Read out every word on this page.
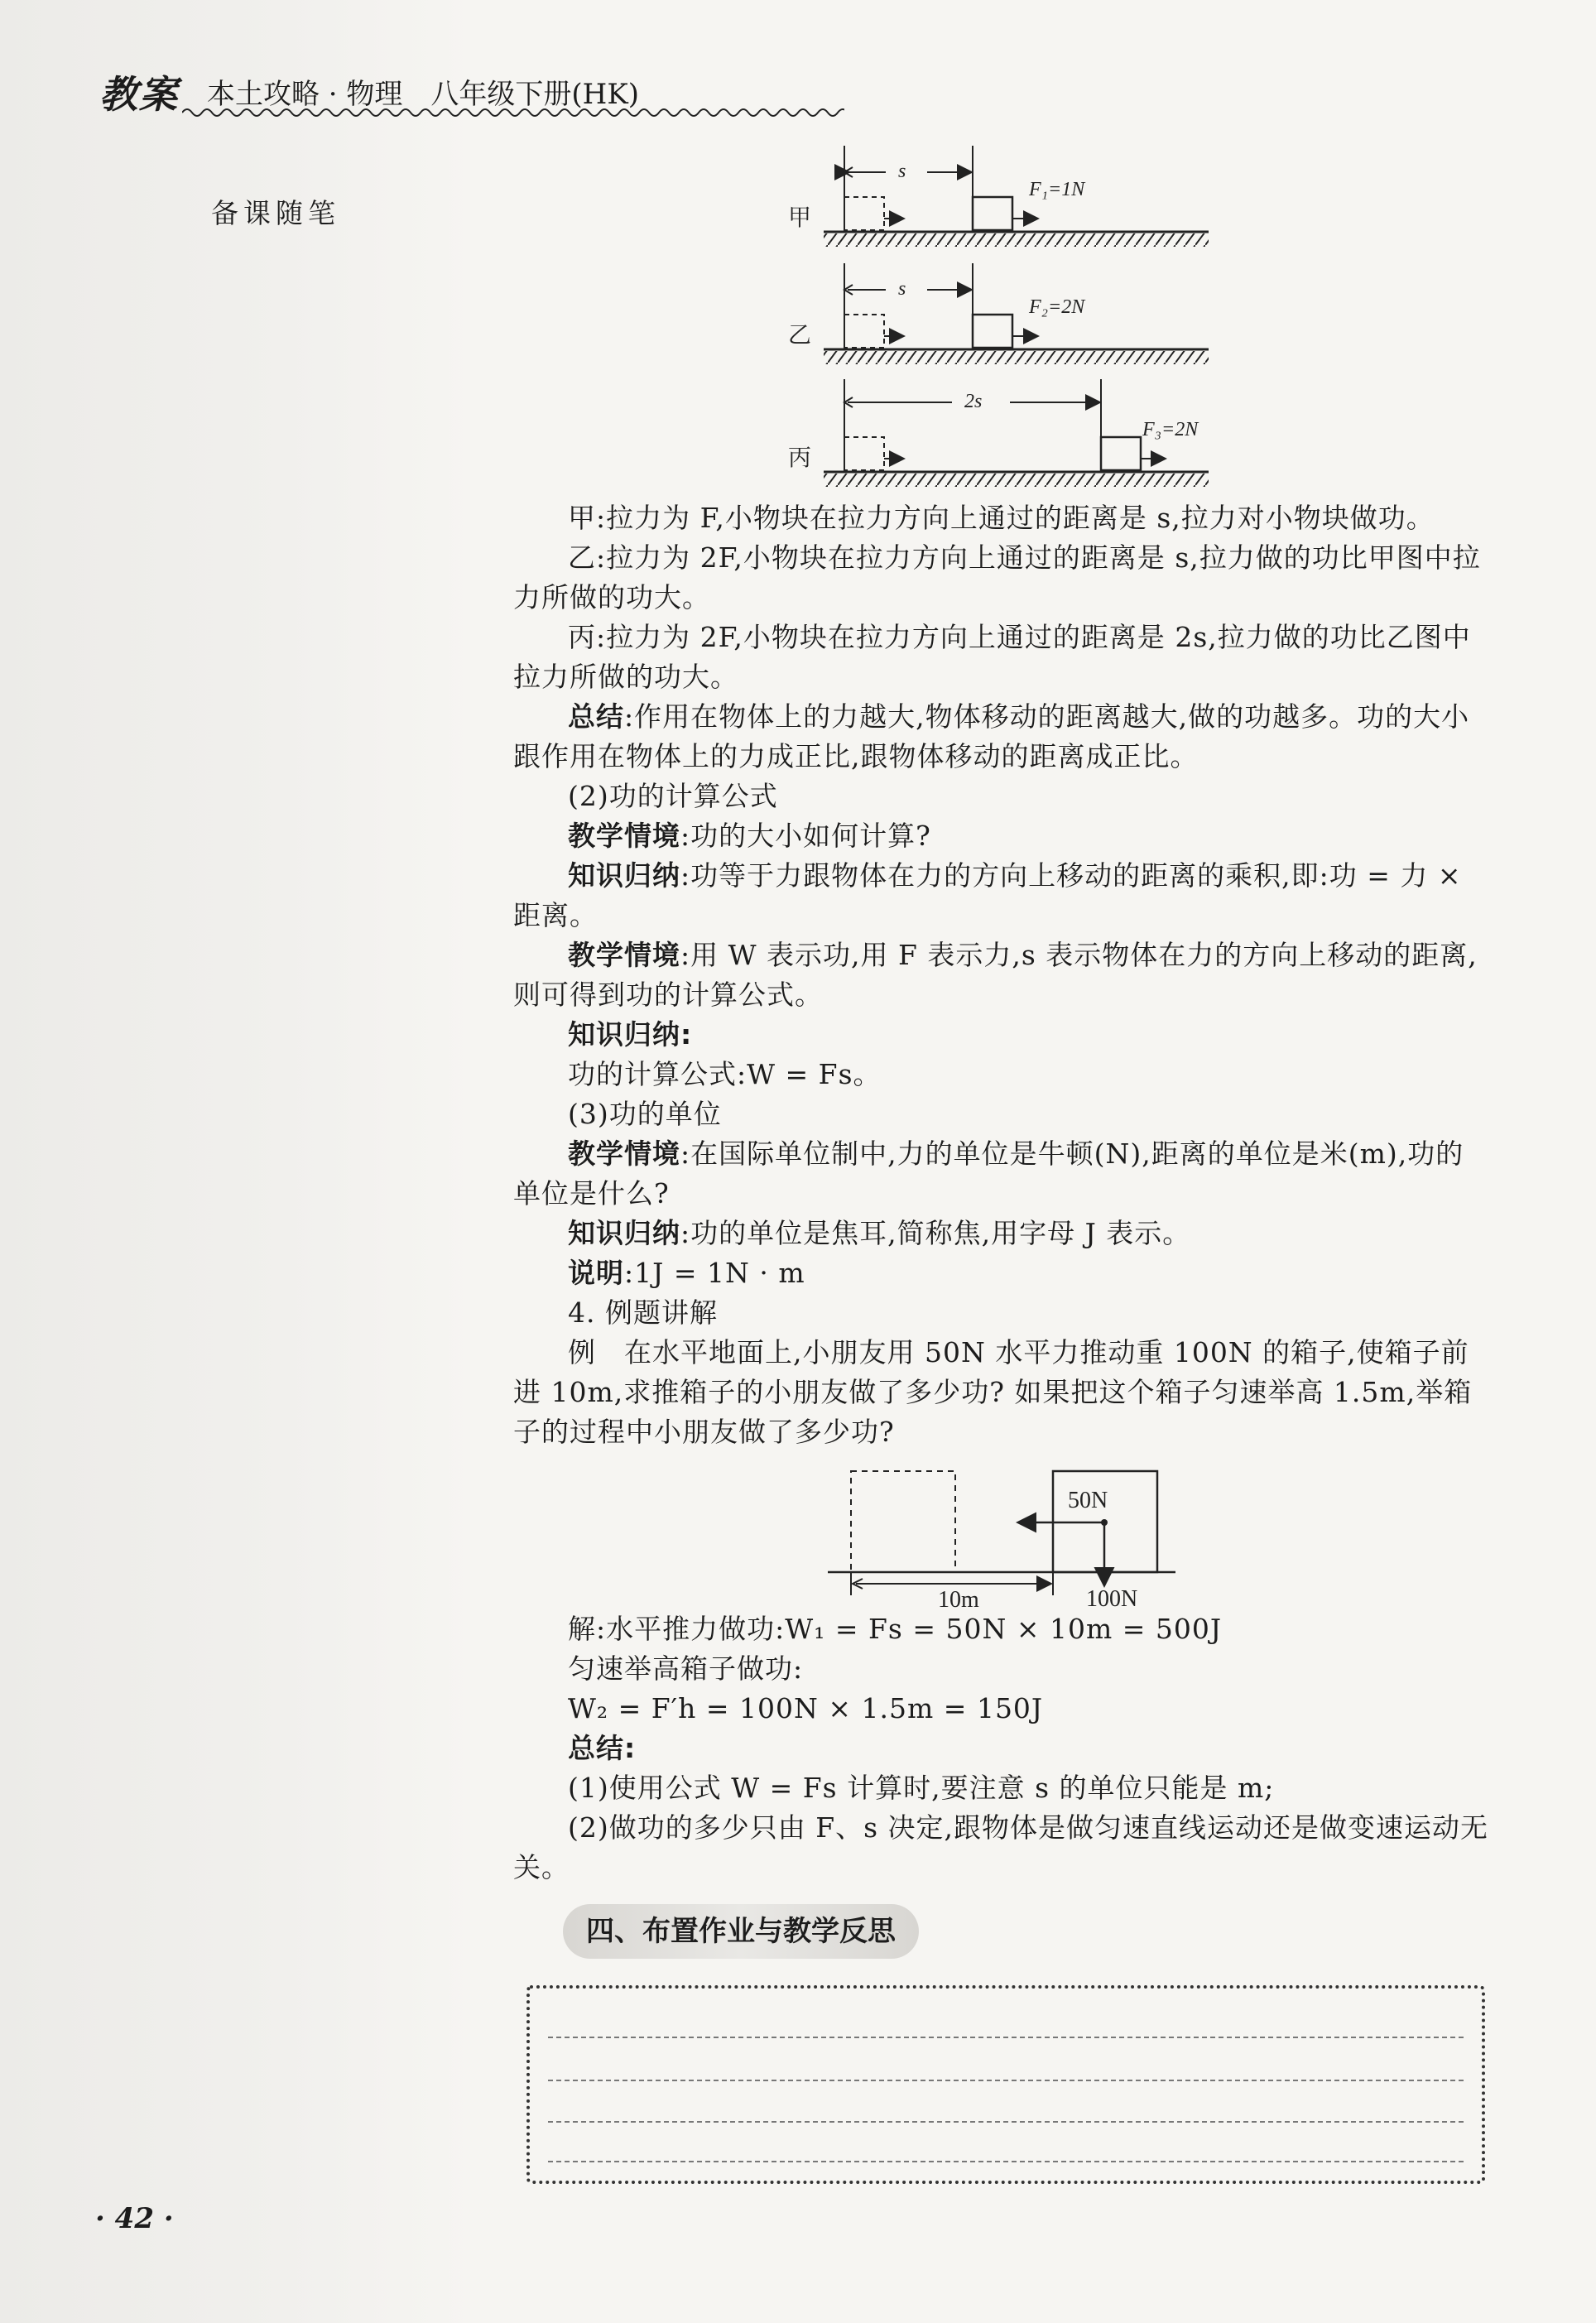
教案 本土攻略 · 物理　八年级下册(HK)
备课随笔	甲
s
F₁=1N
乙
s
F₂=2N
丙
2s
F₃=2N

甲:拉力为 F,小物块在拉力方向上通过的距离是 s,拉力对小物块做功。

乙:拉力为 2F,小物块在拉力方向上通过的距离是 s,拉力做的功比甲图中拉力所做的功大。

丙:拉力为 2F,小物块在拉力方向上通过的距离是 2s,拉力做的功比乙图中拉力所做的功大。

总结:作用在物体上的力越大,物体移动的距离越大,做的功越多。功的大小跟作用在物体上的力成正比,跟物体移动的距离成正比。

(2)功的计算公式

教学情境:功的大小如何计算?

知识归纳:功等于力跟物体在力的方向上移动的距离的乘积,即:功 = 力 × 距离。

教学情境:用 W 表示功,用 F 表示力,s 表示物体在力的方向上移动的距离,则可得到功的计算公式。

知识归纳:

功的计算公式:W = Fs。

(3)功的单位

教学情境:在国际单位制中,力的单位是牛顿(N),距离的单位是米(m),功的单位是什么?

知识归纳:功的单位是焦耳,简称焦,用字母 J 表示。

说明:1J = 1N · m

4. 例题讲解

例　在水平地面上,小朋友用 50N 水平力推动重 100N 的箱子,使箱子前进 10m,求推箱子的小朋友做了多少功? 如果把这个箱子匀速举高 1.5m,举箱子的过程中小朋友做了多少功?

解:水平推力做功:W₁ = Fs = 50N × 10m = 500J

匀速举高箱子做功:

W₂ = F′h = 100N × 1.5m = 150J

总结:

(1)使用公式 W = Fs 计算时,要注意 s 的单位只能是 m;

(2)做功的多少只由 F、s 决定,跟物体是做匀速直线运动还是做变速运动无关。

10m
50N
100N
四、布置作业与教学反思
· 42 ·
